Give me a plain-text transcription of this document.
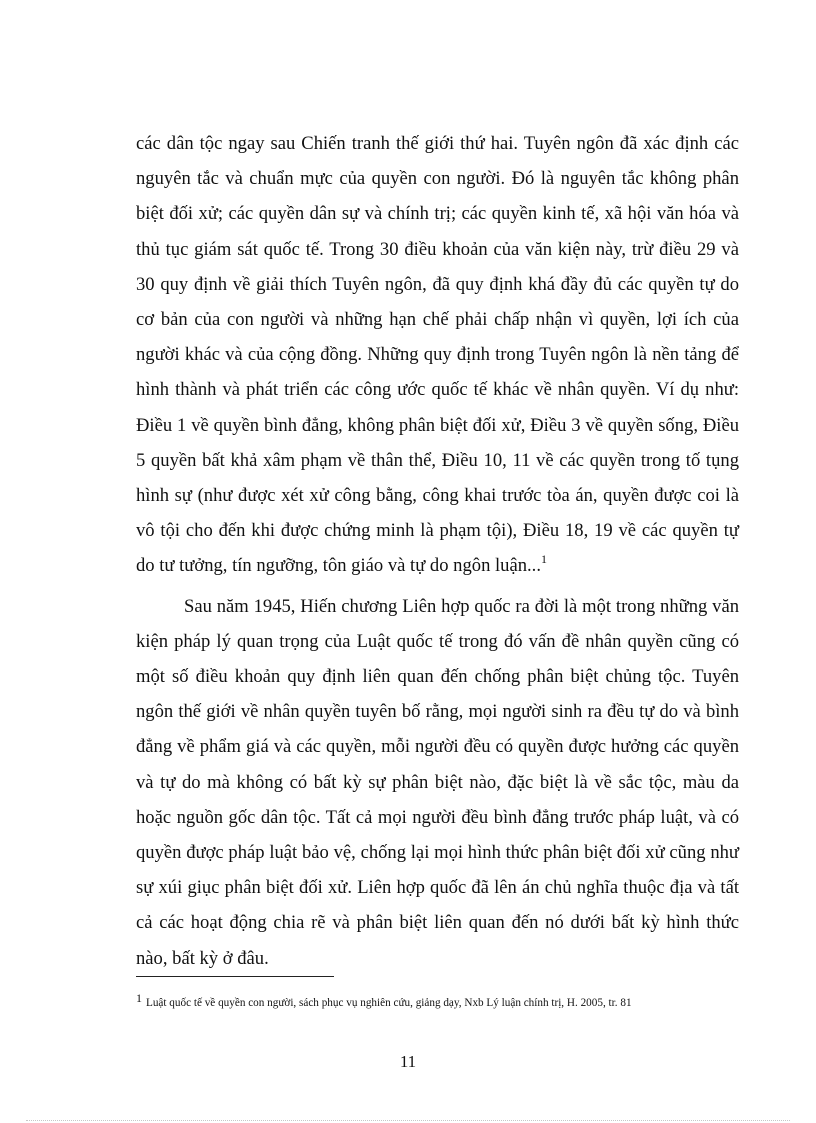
các dân tộc ngay sau Chiến tranh thế giới thứ hai. Tuyên ngôn đã xác định các nguyên tắc và chuẩn mực của quyền con người. Đó là nguyên tắc không phân biệt đối xử; các quyền dân sự và chính trị; các quyền kinh tế, xã hội văn hóa và thủ tục giám sát quốc tế. Trong 30 điều khoản của văn kiện này, trừ điều 29 và 30 quy định về giải thích Tuyên ngôn, đã quy định khá đầy đủ các quyền tự do cơ bản của con người và những hạn chế phải chấp nhận vì quyền, lợi ích của người khác và của cộng đồng. Những quy định trong Tuyên ngôn là nền tảng để hình thành và phát triển các công ước quốc tế khác về nhân quyền. Ví dụ như: Điều 1 về quyền bình đẳng, không phân biệt đối xử, Điều 3 về quyền sống, Điều 5 quyền bất khả xâm phạm về thân thể, Điều 10, 11 về các quyền trong tố tụng hình sự (như được xét xử công bằng, công khai trước tòa án, quyền được coi là vô tội cho đến khi được chứng minh là phạm tội), Điều 18, 19 về các quyền tự do tư tưởng, tín ngưỡng, tôn giáo và tự do ngôn luận...$^1$

Sau năm 1945, Hiến chương Liên hợp quốc ra đời là một trong những văn kiện pháp lý quan trọng của Luật quốc tế trong đó vấn đề nhân quyền cũng có một số điều khoản quy định liên quan đến chống phân biệt chủng tộc. Tuyên ngôn thế giới về nhân quyền tuyên bố rằng, mọi người sinh ra đều tự do và bình đẳng về phẩm giá và các quyền, mỗi người đều có quyền được hưởng các quyền và tự do mà không có bất kỳ sự phân biệt nào, đặc biệt là về sắc tộc, màu da hoặc nguồn gốc dân tộc. Tất cả mọi người đều bình đẳng trước pháp luật, và có quyền được pháp luật bảo vệ, chống lại mọi hình thức phân biệt đối xử cũng như sự xúi giục phân biệt đối xử. Liên hợp quốc đã lên án chủ nghĩa thuộc địa và tất cả các hoạt động chia rẽ và phân biệt liên quan đến nó dưới bất kỳ hình thức nào, bất kỳ ở đâu.

1 Luật quốc tế về quyền con người, sách phục vụ nghiên cứu, giảng dạy, Nxb Lý luận chính trị, H. 2005, tr. 81
11
